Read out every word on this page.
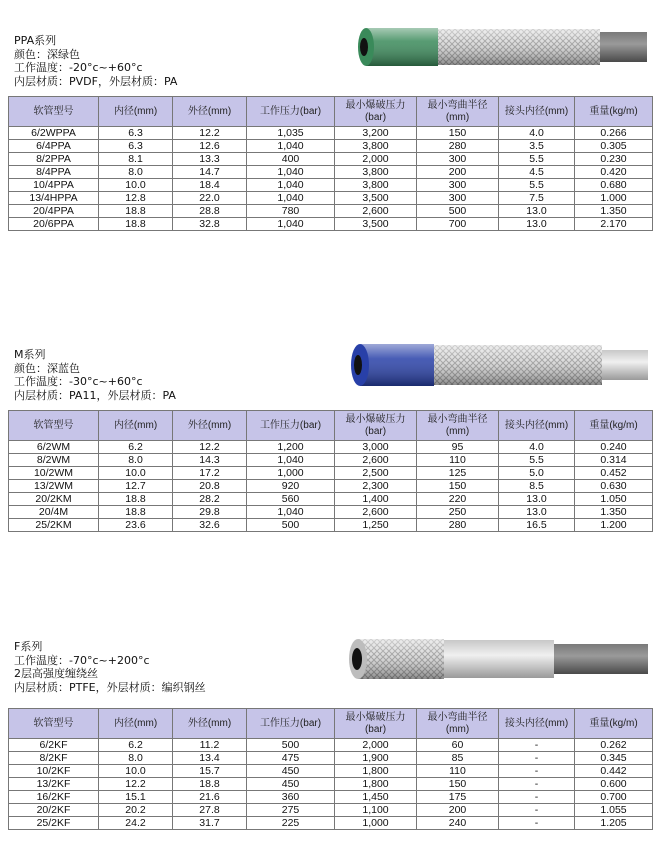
PPA系列
颜色：深绿色
工作温度：-20°c~+60°c
内层材质：PVDF，外层材质：PA
软管型号	内径(mm)	外径(mm)	工作压力(bar)	最小爆破压力(bar)	最小弯曲半径(mm)	接头内径(mm)	重量(kg/m)
6/2WPPA	6.3	12.2	1,035	3,200	150	4.0	0.266
6/4PPA	6.3	12.6	1,040	3,800	280	3.5	0.305
8/2PPA	8.1	13.3	400	2,000	300	5.5	0.230
8/4PPA	8.0	14.7	1,040	3,800	200	4.5	0.420
10/4PPA	10.0	18.4	1,040	3,800	300	5.5	0.680
13/4HPPA	12.8	22.0	1,040	3,500	300	7.5	1.000
20/4PPA	18.8	28.8	780	2,600	500	13.0	1.350
20/6PPA	18.8	32.8	1,040	3,500	700	13.0	2.170
M系列
颜色：深蓝色
工作温度：-30°c~+60°c
内层材质：PA11，外层材质：PA
软管型号	内径(mm)	外径(mm)	工作压力(bar)	最小爆破压力(bar)	最小弯曲半径(mm)	接头内径(mm)	重量(kg/m)
6/2WM	6.2	12.2	1,200	3,000	95	4.0	0.240
8/2WM	8.0	14.3	1,040	2,600	110	5.5	0.314
10/2WM	10.0	17.2	1,000	2,500	125	5.0	0.452
13/2WM	12.7	20.8	920	2,300	150	8.5	0.630
20/2KM	18.8	28.2	560	1,400	220	13.0	1.050
20/4M	18.8	29.8	1,040	2,600	250	13.0	1.350
25/2KM	23.6	32.6	500	1,250	280	16.5	1.200
F系列
工作温度：-70°c~+200°c
2层高强度缠绕丝
内层材质：PTFE，外层材质：编织钢丝
软管型号	内径(mm)	外径(mm)	工作压力(bar)	最小爆破压力(bar)	最小弯曲半径(mm)	接头内径(mm)	重量(kg/m)
6/2KF	6.2	11.2	500	2,000	60	-	0.262
8/2KF	8.0	13.4	475	1,900	85	-	0.345
10/2KF	10.0	15.7	450	1,800	110	-	0.442
13/2KF	12.2	18.8	450	1,800	150	-	0.600
16/2KF	15.1	21.6	360	1,450	175	-	0.700
20/2KF	20.2	27.8	275	1,100	200	-	1.055
25/2KF	24.2	31.7	225	1,000	240	-	1.205
